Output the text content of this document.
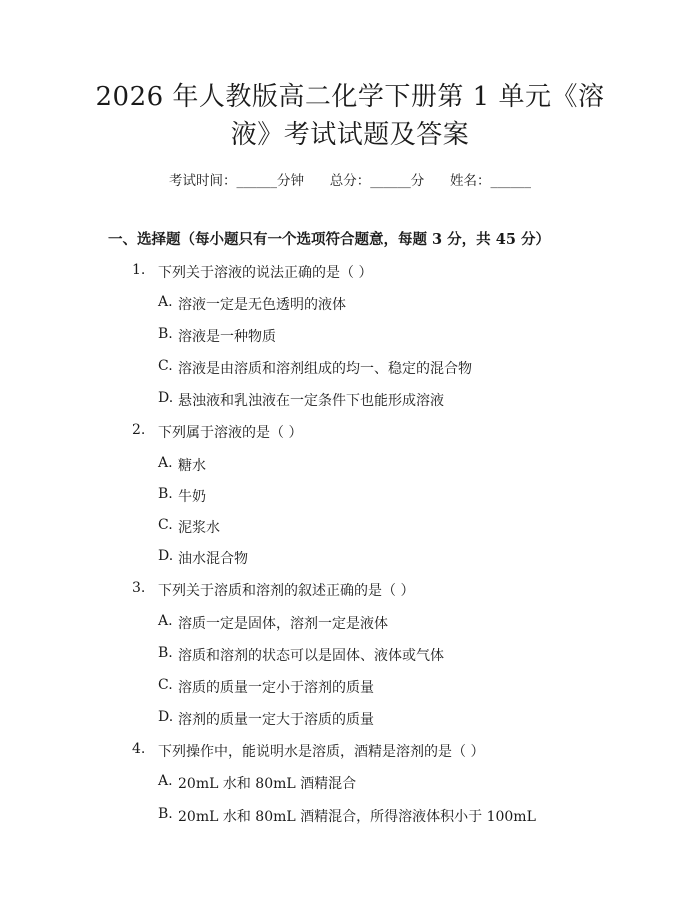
2026 年人教版高二化学下册第 1 单元《溶
液》考试试题及答案
考试时间：______分钟      总分：______分      姓名：______
一、选择题（每小题只有一个选项符合题意，每题 3 分，共 45 分）
1. 下列关于溶液的说法正确的是（ ）
A. 溶液一定是无色透明的液体
B. 溶液是一种物质
C. 溶液是由溶质和溶剂组成的均一、稳定的混合物
D. 悬浊液和乳浊液在一定条件下也能形成溶液
2. 下列属于溶液的是（ ）
A. 糖水
B. 牛奶
C. 泥浆水
D. 油水混合物
3. 下列关于溶质和溶剂的叙述正确的是（ ）
A. 溶质一定是固体，溶剂一定是液体
B. 溶质和溶剂的状态可以是固体、液体或气体
C. 溶质的质量一定小于溶剂的质量
D. 溶剂的质量一定大于溶质的质量
4. 下列操作中，能说明水是溶质，酒精是溶剂的是（ ）
A. 20mL 水和 80mL 酒精混合
B. 20mL 水和 80mL 酒精混合，所得溶液体积小于 100mL
